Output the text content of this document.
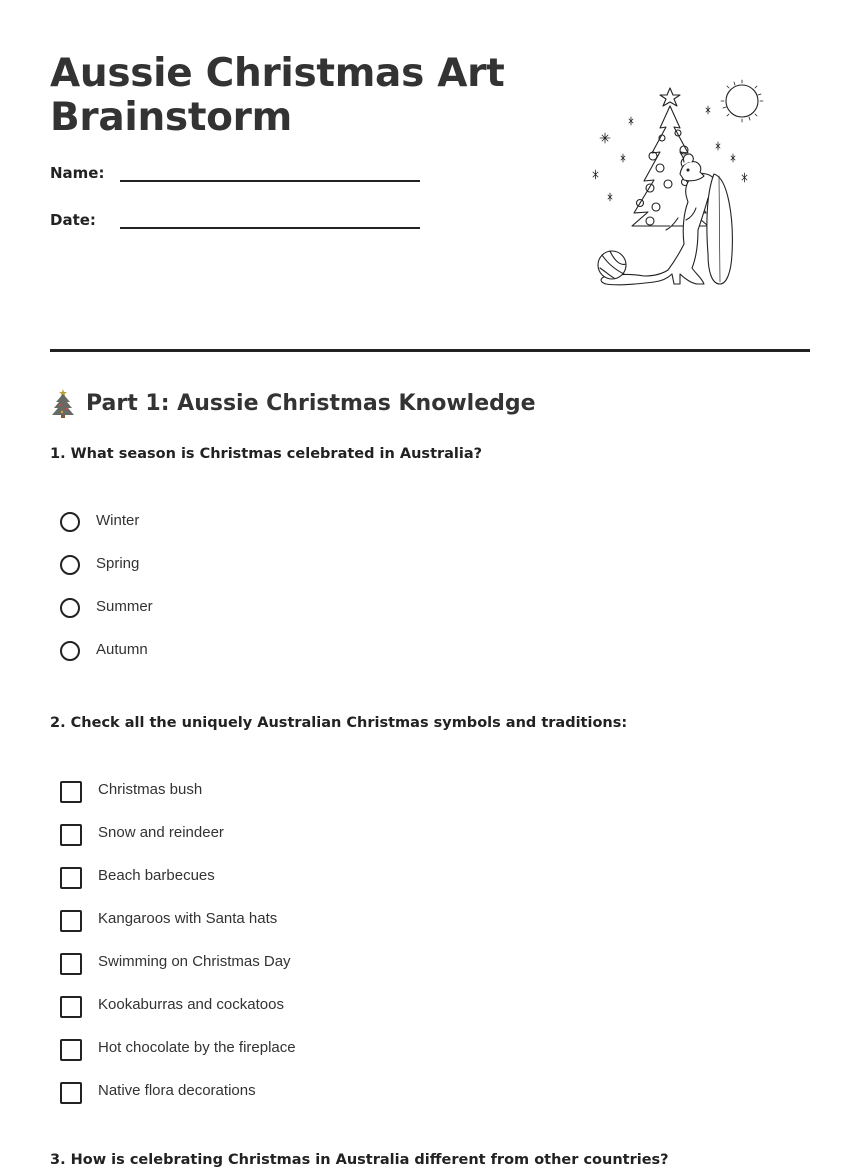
Aussie Christmas Art
Brainstorm
Name:
Date:
Part 1: Aussie Christmas Knowledge

1. What season is Christmas celebrated in Australia?

Winter
Spring
Summer
Autumn

2. Check all the uniquely Australian Christmas symbols and traditions:

Christmas bush
Snow and reindeer
Beach barbecues
Kangaroos with Santa hats
Swimming on Christmas Day
Kookaburras and cockatoos
Hot chocolate by the fireplace
Native flora decorations

3. How is celebrating Christmas in Australia different from other countries?
